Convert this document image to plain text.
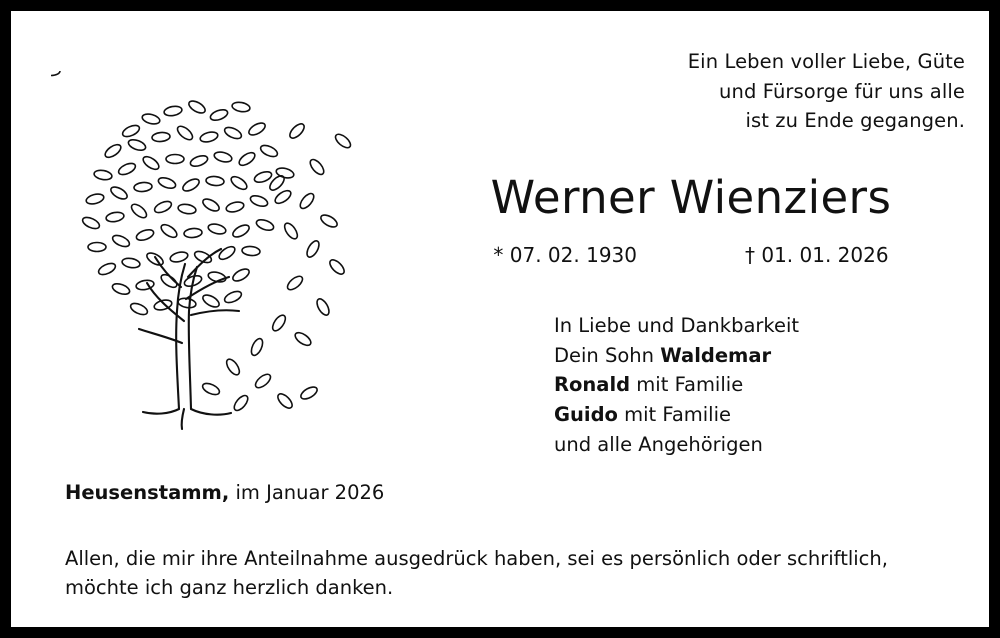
Ein Leben voller Liebe, Güte
und Fürsorge für uns alle
ist zu Ende gegangen.
Werner Wienziers
* 07. 02. 1930	† 01. 01. 2026
In Liebe und Dankbarkeit
Dein Sohn Waldemar
Ronald mit Familie
Guido mit Familie
und alle Angehörigen
Heusenstamm, im Januar 2026
Allen, die mir ihre Anteilnahme ausgedrück haben, sei es persönlich oder schriftlich, möchte ich ganz herzlich danken.
